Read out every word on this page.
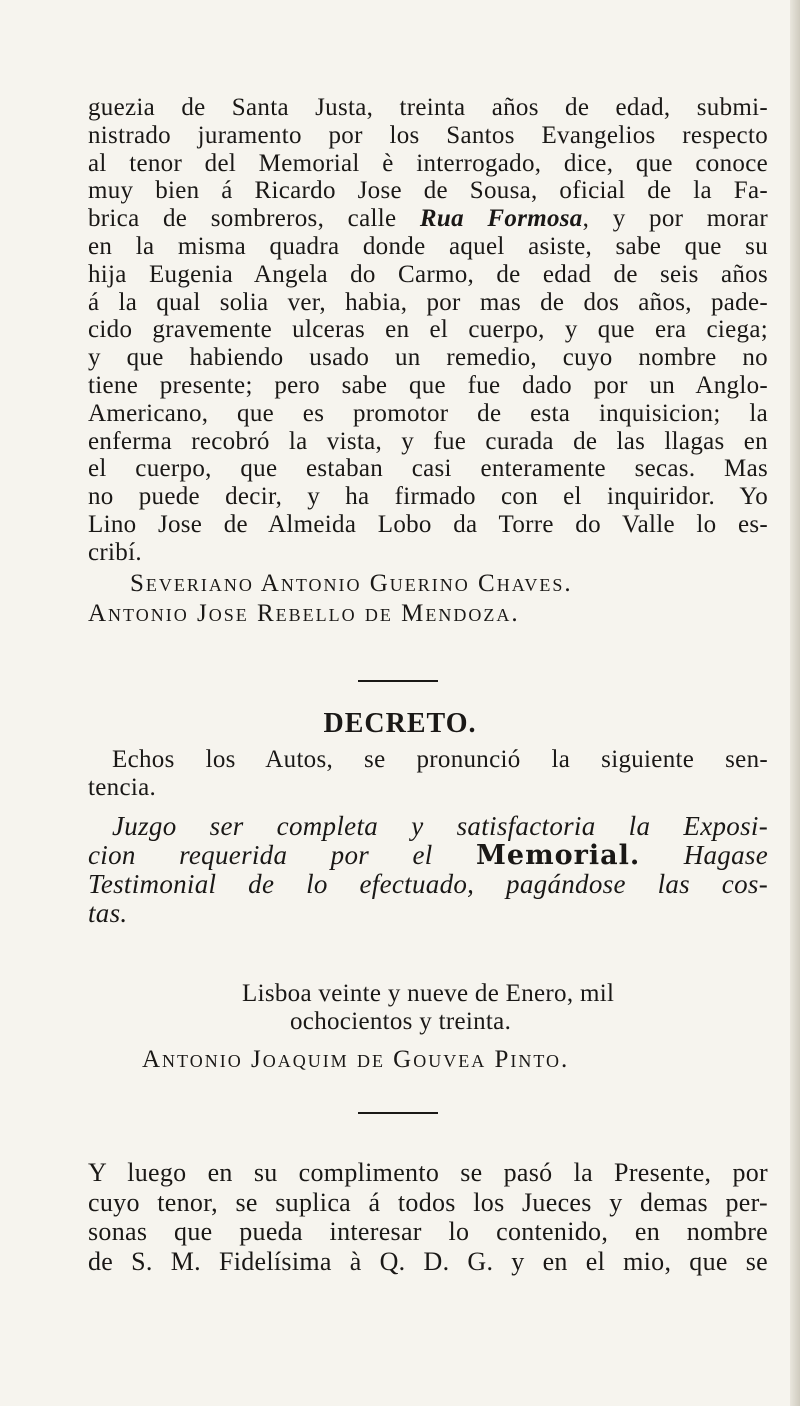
guezia de Santa Justa, treinta años de edad, submi-
nistrado juramento por los Santos Evangelios respecto
al tenor del Memorial è interrogado, dice, que conoce
muy bien á Ricardo Jose de Sousa, oficial de la Fa-
brica de sombreros, calle Rua Formosa, y por morar
en la misma quadra donde aquel asiste, sabe que su
hija Eugenia Angela do Carmo, de edad de seis años
á la qual solia ver, habia, por mas de dos años, pade-
cido gravemente ulceras en el cuerpo, y que era ciega;
y que habiendo usado un remedio, cuyo nombre no
tiene presente; pero sabe que fue dado por un Anglo-
Americano, que es promotor de esta inquisicion; la
enferma recobró la vista, y fue curada de las llagas en
el cuerpo, que estaban casi enteramente secas. Mas
no puede decir, y ha firmado con el inquiridor. Yo
Lino Jose de Almeida Lobo da Torre do Valle lo es-
cribí.
Severiano Antonio Guerino Chaves.
Antonio Jose Rebello de Mendoza.
DECRETO.
Echos los Autos, se pronunció la siguiente sen-
tencia.
Juzgo ser completa y satisfactoria la Exposi-
cion requerida por el Memorial. Hagase
Testimonial de lo efectuado, pagándose las cos-
tas.
Lisboa veinte y nueve de Enero, mil
ochocientos y treinta.
Antonio Joaquim de Gouvea Pinto.
Y luego en su complimento se pasó la Presente, por
cuyo tenor, se suplica á todos los Jueces y demas per-
sonas que pueda interesar lo contenido, en nombre
de S. M. Fidelísima à Q. D. G. y en el mio, que se
